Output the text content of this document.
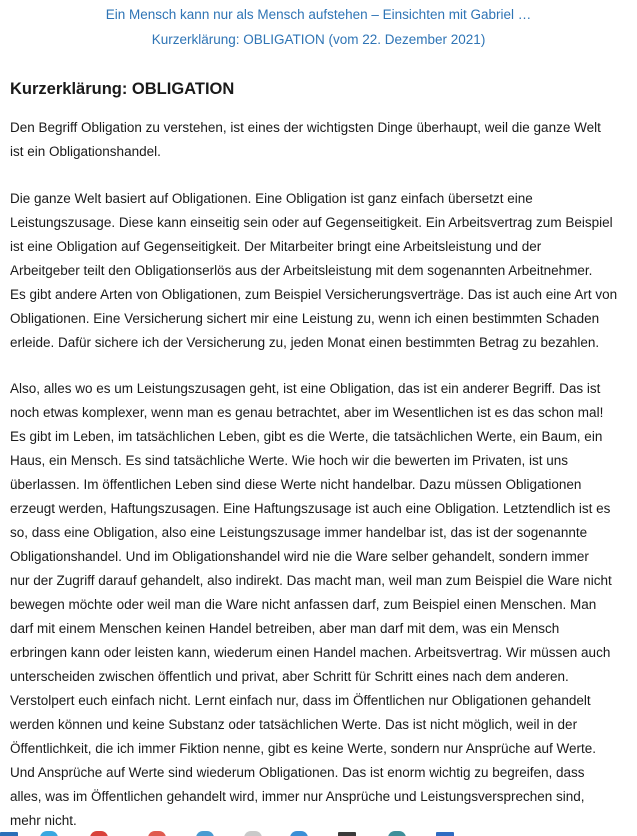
Ein Mensch kann nur als Mensch aufstehen – Einsichten mit Gabriel …
Kurzerklärung: OBLIGATION (vom 22. Dezember 2021)
Kurzerklärung: OBLIGATION
Den Begriff Obligation zu verstehen, ist eines der wichtigsten Dinge überhaupt, weil die ganze Welt
ist ein Obligationshandel.
Die ganze Welt basiert auf Obligationen. Eine Obligation ist ganz einfach übersetzt eine
Leistungszusage. Diese kann einseitig sein oder auf Gegenseitigkeit. Ein Arbeitsvertrag zum Beispiel
ist eine Obligation auf Gegenseitigkeit. Der Mitarbeiter bringt eine Arbeitsleistung und der
Arbeitgeber teilt den Obligationserlös aus der Arbeitsleistung mit dem sogenannten Arbeitnehmer.
Es gibt andere Arten von Obligationen, zum Beispiel Versicherungsverträge. Das ist auch eine Art von
Obligationen. Eine Versicherung sichert mir eine Leistung zu, wenn ich einen bestimmten Schaden
erleide. Dafür sichere ich der Versicherung zu, jeden Monat einen bestimmten Betrag zu bezahlen.
Also, alles wo es um Leistungszusagen geht, ist eine Obligation, das ist ein anderer Begriff. Das ist
noch etwas komplexer, wenn man es genau betrachtet, aber im Wesentlichen ist es das schon mal!
Es gibt im Leben, im tatsächlichen Leben, gibt es die Werte, die tatsächlichen Werte, ein Baum, ein
Haus, ein Mensch. Es sind tatsächliche Werte. Wie hoch wir die bewerten im Privaten, ist uns
überlassen. Im öffentlichen Leben sind diese Werte nicht handelbar. Dazu müssen Obligationen
erzeugt werden, Haftungszusagen. Eine Haftungszusage ist auch eine Obligation. Letztendlich ist es
so, dass eine Obligation, also eine Leistungszusage immer handelbar ist, das ist der sogenannte
Obligationshandel. Und im Obligationshandel wird nie die Ware selber gehandelt, sondern immer
nur der Zugriff darauf gehandelt, also indirekt. Das macht man, weil man zum Beispiel die Ware nicht
bewegen möchte oder weil man die Ware nicht anfassen darf, zum Beispiel einen Menschen. Man
darf mit einem Menschen keinen Handel betreiben, aber man darf mit dem, was ein Mensch
erbringen kann oder leisten kann, wiederum einen Handel machen. Arbeitsvertrag. Wir müssen auch
unterscheiden zwischen öffentlich und privat, aber Schritt für Schritt eines nach dem anderen.
Verstolpert euch einfach nicht. Lernt einfach nur, dass im Öffentlichen nur Obligationen gehandelt
werden können und keine Substanz oder tatsächlichen Werte. Das ist nicht möglich, weil in der
Öffentlichkeit, die ich immer Fiktion nenne, gibt es keine Werte, sondern nur Ansprüche auf Werte.
Und Ansprüche auf Werte sind wiederum Obligationen. Das ist enorm wichtig zu begreifen, dass
alles, was im Öffentlichen gehandelt wird, immer nur Ansprüche und Leistungsversprechen sind,
mehr nicht.
